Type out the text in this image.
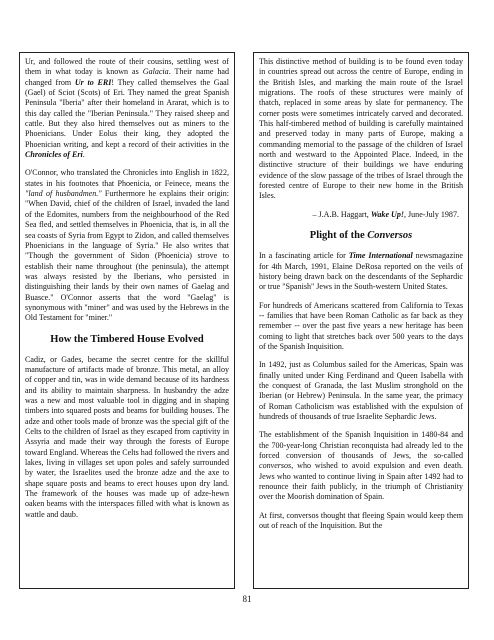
Ur, and followed the route of their cousins, settling west of them in what today is known as Galacia. Their name had changed from Ur to ERI! They called themselves the Gaal (Gael) of Sciot (Scots) of Eri. They named the great Spanish Peninsula "Iberia" after their homeland in Ararat, which is to this day called the "Iberian Peninsula." They raised sheep and cattle. But they also hired themselves out as miners to the Phoenicians. Under Eolus their king, they adopted the Phoenician writing, and kept a record of their activities in the Chronicles of Eri.

O'Connor, who translated the Chronicles into English in 1822, states in his footnotes that Phoenicia, or Feinece, means the "land of husbandmen." Furthermore he explains their origin: "When David, chief of the children of Israel, invaded the land of the Edomites, numbers from the neighbourhood of the Red Sea fled, and settled themselves in Phoenicia, that is, in all the sea coasts of Syria from Egypt to Zidon, and called themselves Phoenicians in the language of Syria." He also writes that "Though the government of Sidon (Phoenicia) strove to establish their name throughout (the peninsula), the attempt was always resisted by the Iberians, who persisted in distinguishing their lands by their own names of Gaelag and Buasce." O'Connor asserts that the word "Gaelag" is synonymous with "miner" and was used by the Hebrews in the Old Testament for "miner."

How the Timbered House Evolved

Cadiz, or Gades, became the secret centre for the skillful manufacture of artifacts made of bronze. This metal, an alloy of copper and tin, was in wide demand because of its hardness and its ability to maintain sharpness. In husbandry the adze was a new and most valuable tool in digging and in shaping timbers into squared posts and beams for building houses. The adze and other tools made of bronze was the special gift of the Celts to the children of Israel as they escaped from captivity in Assyria and made their way through the forests of Europe toward England. Whereas the Celts had followed the rivers and lakes, living in villages set upon poles and safely surrounded by water, the Israelites used the bronze adze and the axe to shape square posts and beams to erect houses upon dry land. The framework of the houses was made up of adze-hewn oaken beams with the interspaces filled with what is known as wattle and daub.

This distinctive method of building is to be found even today in countries spread out across the centre of Europe, ending in the British Isles, and marking the main route of the Israel migrations. The roofs of these structures were mainly of thatch, replaced in some areas by slate for permanency. The corner posts were sometimes intricately carved and decorated. This half-timbered method of building is carefully maintained and preserved today in many parts of Europe, making a commanding memorial to the passage of the children of Israel north and westward to the Appointed Place. Indeed, in the distinctive structure of their buildings we have enduring evidence of the slow passage of the tribes of Israel through the forested centre of Europe to their new home in the British Isles.

– J.A.B. Haggart, Wake Up!, June-July 1987.

Plight of the Conversos

In a fascinating article for Time International newsmagazine for 4th March, 1991, Elaine DeRosa reported on the veils of history being drawn back on the descendants of the Sephardic or true "Spanish" Jews in the South-western United States.

For hundreds of Americans scattered from California to Texas -- families that have been Roman Catholic as far back as they remember -- over the past five years a new heritage has been coming to light that stretches back over 500 years to the days of the Spanish Inquisition.

In 1492, just as Columbus sailed for the Americas, Spain was finally united under King Ferdinand and Queen Isabella with the conquest of Granada, the last Muslim stronghold on the Iberian (or Hebrew) Peninsula. In the same year, the primacy of Roman Catholicism was established with the expulsion of hundreds of thousands of true Israelite Sephardic Jews.

The establishment of the Spanish Inquisition in 1480-84 and the 700-year-long Christian reconquista had already led to the forced conversion of thousands of Jews, the so-called conversos, who wished to avoid expulsion and even death. Jews who wanted to continue living in Spain after 1492 had to renounce their faith publicly, in the triumph of Christianity over the Moorish domination of Spain.

At first, conversos thought that fleeing Spain would keep them out of reach of the Inquisition. But the

81
